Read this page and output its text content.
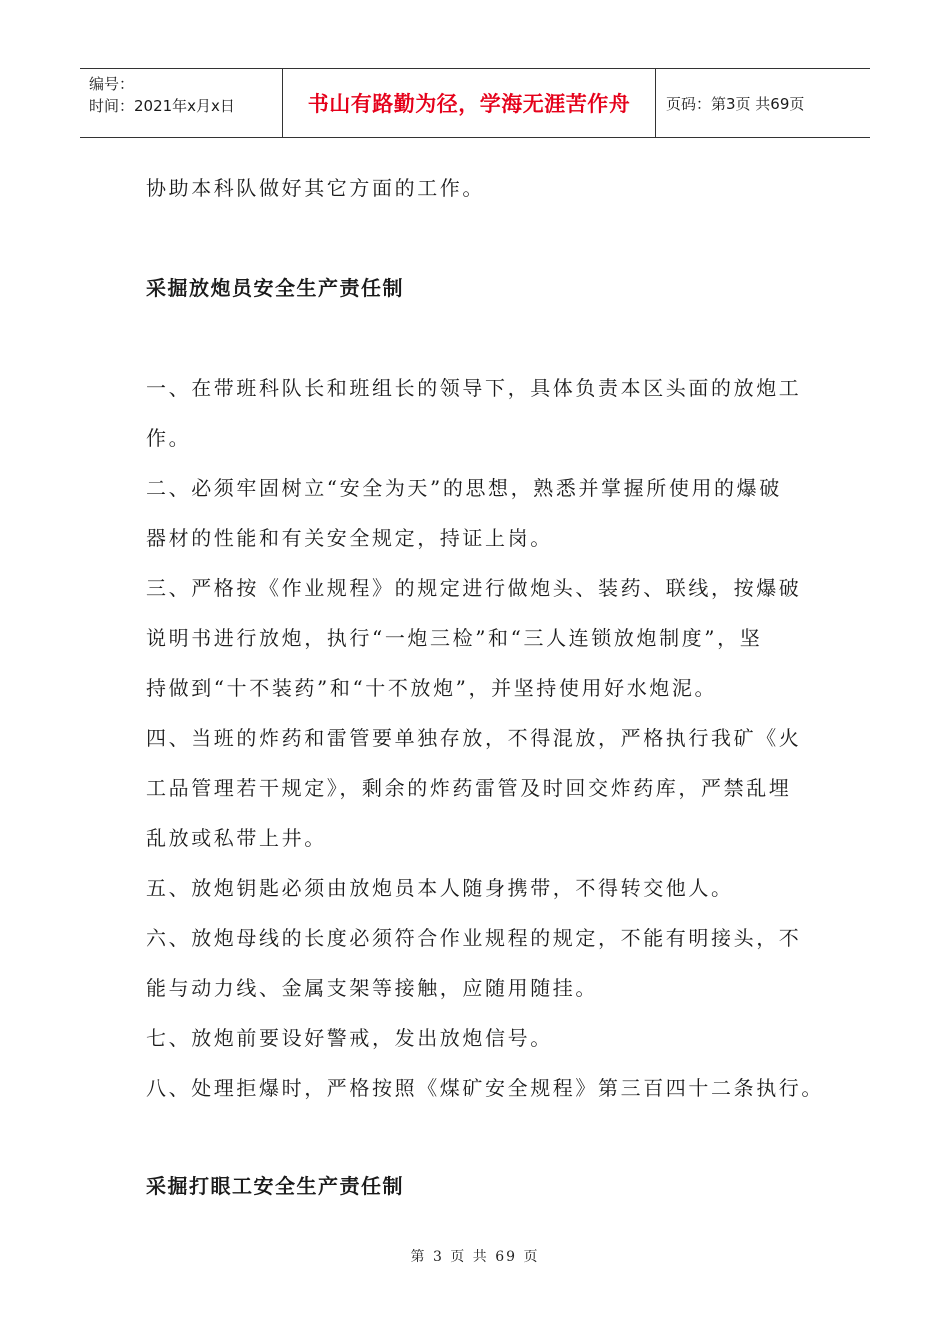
编号：
时间：2021年x月x日	书山有路勤为径，学海无涯苦作舟	页码：第3页 共69页
协助本科队做好其它方面的工作。
采掘放炮员安全生产责任制
一、在带班科队长和班组长的领导下，具体负责本区头面的放炮工
作。
二、必须牢固树立“安全为天”的思想，熟悉并掌握所使用的爆破
器材的性能和有关安全规定，持证上岗。
三、严格按《作业规程》的规定进行做炮头、装药、联线，按爆破
说明书进行放炮，执行“一炮三检”和“三人连锁放炮制度”，坚
持做到“十不装药”和“十不放炮”，并坚持使用好水炮泥。
四、当班的炸药和雷管要单独存放，不得混放，严格执行我矿《火
工品管理若干规定》，剩余的炸药雷管及时回交炸药库，严禁乱埋
乱放或私带上井。
五、放炮钥匙必须由放炮员本人随身携带，不得转交他人。
六、放炮母线的长度必须符合作业规程的规定，不能有明接头，不
能与动力线、金属支架等接触，应随用随挂。
七、放炮前要设好警戒，发出放炮信号。
八、处理拒爆时，严格按照《煤矿安全规程》第三百四十二条执行。
采掘打眼工安全生产责任制
第 3 页 共 69 页
